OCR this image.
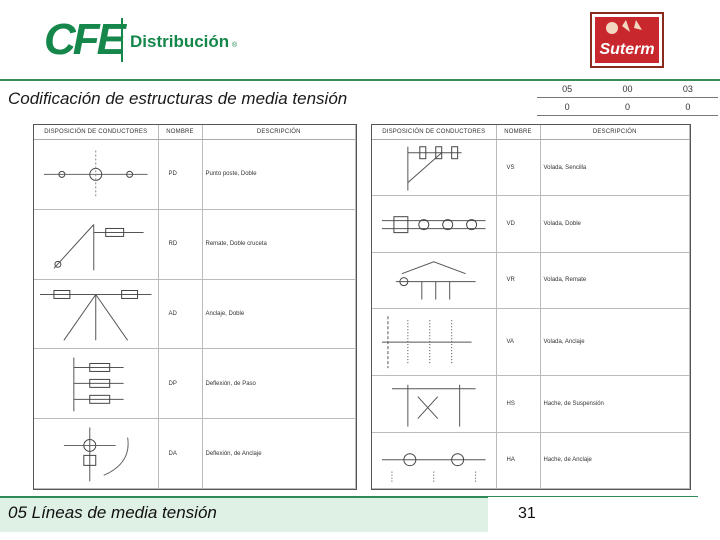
CFE Distribución ®	Suterm
Codificación de estructuras de media tensión
05	00	03
0	0	0
DISPOSICIÓN DE CONDUCTORES	NOMBRE	DESCRIPCIÓN

	PD	Punto poste, Doble

	RD	Remate, Doble cruceta

	AD	Anclaje, Doble

	DP	Deflexión, de Paso

	DA	Deflexión, de Anclaje
DISPOSICIÓN DE CONDUCTORES	NOMBRE	DESCRIPCIÓN

	VS	Volada, Sencilla

	VD	Volada, Doble

	VR	Volada, Remate

	VA	Volada, Anclaje

	HS	Hache, de Suspensión

	HA	Hache, de Anclaje
05 Líneas de media tensión	31
